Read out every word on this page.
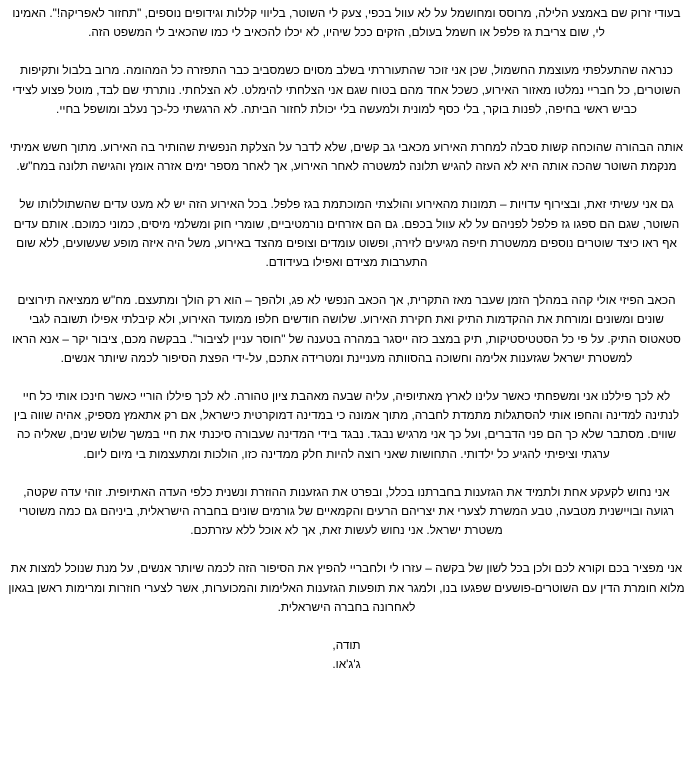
בעודי זרוק שם באמצע הלילה, מרוסס ומחושמל על לא עוול בכפי, צעק לי השוטר, בליווי קללות וגידופים נוספים, "תחזור לאפריקה!". האמינו לי, שום צריבת גז פלפל או חשמל בעולם, הזקים ככל שיהיו, לא יכלו להכאיב לי כמו שהכאיב לי המשפט הזה.

כנראה שהתעלפתי מעוצמת החשמול, שכן אני זוכר שהתעוררתי בשלב מסוים כשמסביב כבר התפזרה כל המהומה. מרוב בלבול ותקיפות השוטרים, כל חבריי נמלטו מאזור האירוע, כשכל אחד מהם בטוח שגם אני הצלחתי להימלט. לא הצלחתי. נותרתי שם לבד, מוטל פצוע לצידי כביש ראשי בחיפה, לפנות בוקר, בלי כסף למונית ולמעשה בלי יכולת לחזור הביתה. לא הרגשתי כל-כך נעלב ומושפל בחיי.

אותה הבהורה שהוכחה קשות סבלה למחרת האירוע מכאבי גב קשים, שלא לדבר על הצלקת הנפשית שהותיר בה האירוע. מתוך חשש אמיתי מנקמת השוטר שהכה אותה היא לא העזה להגיש תלונה למשטרה לאחר האירוע, אך לאחר מספר ימים אזרה אומץ והגישה תלונה במח"ש.

גם אני עשיתי זאת, ובצירוף עדויות – תמונות מהאירוע והולצתי המוכתמת בגז פלפל. בכל האירוע הזה יש לא מעט עדים שהשתוללותו של השוטר, שגם הם ספגו גז פלפל לפניהם על לא עוול בכפם. גם הם אזרחים נורמטיביים, שומרי חוק ומשלמי מיסים, כמוני כמוכם. אותם עדים אף ראו כיצד שוטרים נוספים ממשטרת חיפה מגיעים לזירה, ופשוט עומדים וצופים מהצד באירוע, משל היה איזה מופע שעשועים, ללא שום התערבות מצידם ואפילו בעידודם.

הכאב הפיזי אולי קהה במהלך הזמן שעבר מאז התקרית, אך הכאב הנפשי לא פג, ולהפך – הוא רק הולך ומתעצם. מח"ש ממציאה תירוצים שונים ומשונים ומורחת את ההקדמות התיק ואת חקירת האירוע. שלושה חודשים חלפו ממועד האירוע, ולא קיבלתי אפילו תשובה לגבי סטאטוס התיק. על פי כל הסטטיסטיקות, תיק במצב כזה ייסגר במהרה בטענה של "חוסר עניין לציבור". בבקשה מכם, ציבור יקר – אנא הראו למשטרת ישראל שגזענות אלימה וחשוכה בהסוותה מעניינת ומטרידה אתכם, על-ידי הפצת הסיפור לכמה שיותר אנשים.

לא לכך פיללנו אני ומשפחתי כאשר עלינו לארץ מאתיופיה, עליה שבעה מאהבת ציון טהורה. לא לכך פיללו הוריי כאשר חינכו אותי כל חיי לנתינה למדינה והחפו אותי להסתגלות מתמדת לחברה, מתוך אמונה כי במדינה דמוקרטית כישראל, אם רק אתאמץ מספיק, אהיה שווה בין שווים. מסתבר שלא כך הם פני הדברים, ועל כך אני מרגיש נבגד. נבגד בידי המדינה שעבורה סיכנתי את חיי במשך שלוש שנים, שאליה כה ערגתי וציפיתי להגיע כל ילדותי. התחושות שאני רוצה להיות חלק ממדינה כזו, הולכות ומתעצמות בי מיום ליום.

אני נחוש לקעקע אחת ולתמיד את הגזענות בחברתנו בכלל, ובפרט את הגזענות ההוזרת ונשנית כלפי העדה האתיופית. זוהי עדה שקטה, רגועה ובויישנית מטבעה, טבע המשרת לצערי את יצריהם הרעים והקמאיים של גורמים שונים בחברה הישראלית, ביניהם גם כמה משוטרי משטרת ישראל. אני נחוש לעשות זאת, אך לא אוכל ללא עזרתכם.

אני מפציר בכם וקורא לכם ולכן בכל לשון של בקשה – עזרו לי ולחבריי להפיץ את הסיפור הזה לכמה שיותר אנשים, על מנת שנוכל למצות את מלוא חומרת הדין עם השוטרים-פושעים שפגעו בנו, ולמגר את תופעות הגזענות האלימות והמכוערות, אשר לצערי חוזרות ומרימות ראשן בגאון לאחרונה בחברה הישראלית.

תודה,
ג'ג'או.
